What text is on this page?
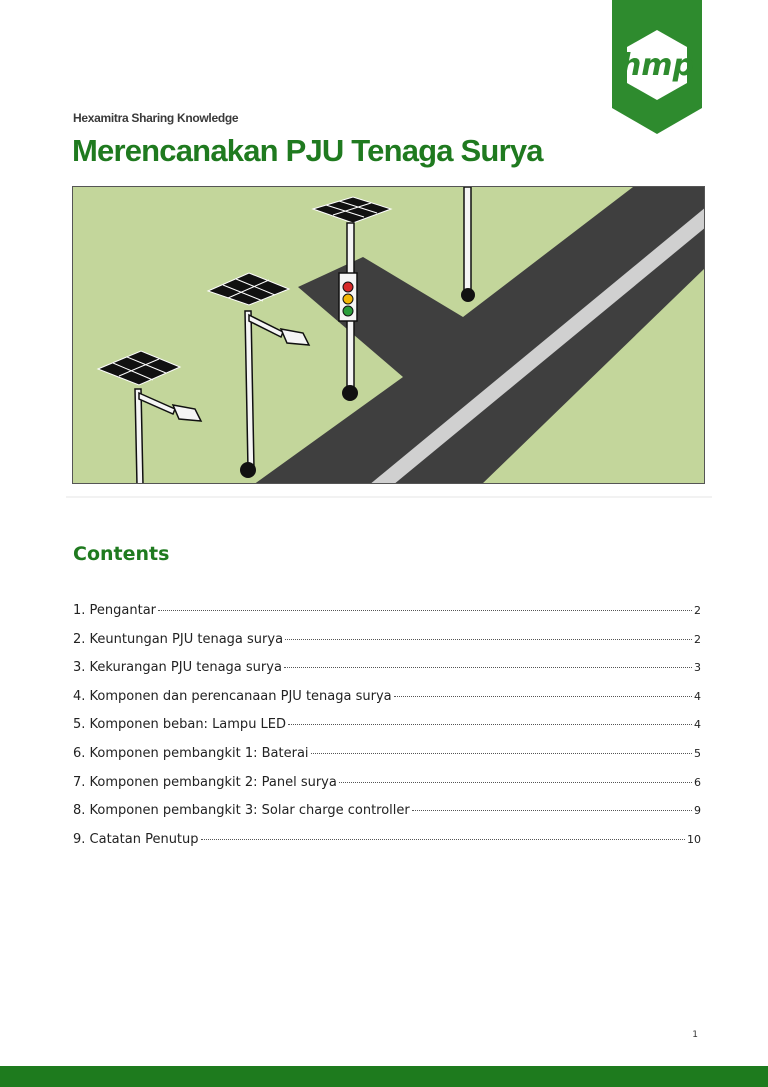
hmp
Hexamitra Sharing Knowledge
Merencanakan PJU Tenaga Surya
Contents
1. Pengantar	2
2. Keuntungan PJU tenaga surya	2
3. Kekurangan PJU tenaga surya	3
4. Komponen dan perencanaan PJU tenaga surya	4
5. Komponen beban: Lampu LED	4
6. Komponen pembangkit 1: Baterai	5
7. Komponen pembangkit 2: Panel surya	6
8. Komponen pembangkit 3: Solar charge controller	9
9. Catatan Penutup	10
1
